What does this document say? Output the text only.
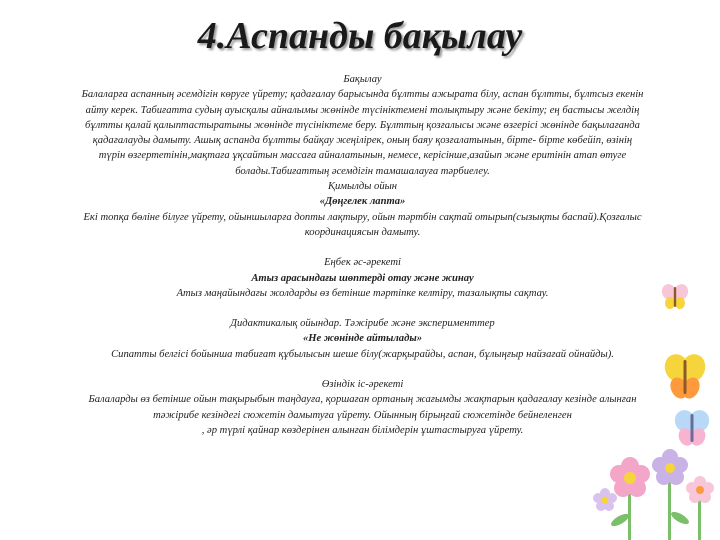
4.Аспанды бақылау

Бақылау

Балаларға аспанның әсемдігін көруге үйрету; қадағалау барысында бұлтты ажырата білу, аспан бұлтты, бұлтсыз екенін айту керек. Табиғатта судың ауысқалы айналымы жөнінде түсініктемені толықтыру және бекіту; ең бастысы желдің бұлтты қалай қалыптастыратыны жөнінде түсініктеме беру. Бұлттың қозғалысы және өзгерісі жөнінде бақылағанда қадағалауды дамыту. Ашық аспанда бұлтты байқау жеңілірек, оның баяу қозғалатынын, бірте- бірте көбейіп, өзінің түрін өзгертетінін,мақтаға ұқсайтын массаға айналатынын, немесе, керісінше,азайып және еритінін атап өтуге болады.Табиғаттың әсемдігін тамашалауға тәрбиелеу.

Қимылды ойын

«Дөңгелек лапта»

Екі топқа бөліне білуге үйрету, ойыншыларға допты лақтыру, ойын тәртбін сақтай отырып(сызықты баспай).Қозғалыс координациясын дамыту.

Еңбек әс-әрекеті

Атыз арасындағы шөптерді отау және жинау

Атыз маңайындағы жолдарды өз бетінше тәртіпке келтіру, тазалықты сақтау.

Дидактикалық ойындар. Тәжірибе және эксперименттер

«Не жөнінде айтылады»

Сипатты белгісі бойынша табиғат құбылысын шеше білу(жарқырайды, аспан, бұлыңғыр найзағай ойнайды).

Өзіндік іс-әрекеті

Балаларды өз бетінше ойын тақырыбын таңдауға, қоршаған ортаның жағымды жақтарын қадағалау кезінде алынған тәжірибе кезіндегі сюжетін дамытуға үйрету. Ойынның бірыңғай сюжетінде бейнеленген

, әр түрлі қайнар көздерінен алынған білімдерін ұштастыруға үйрету.
